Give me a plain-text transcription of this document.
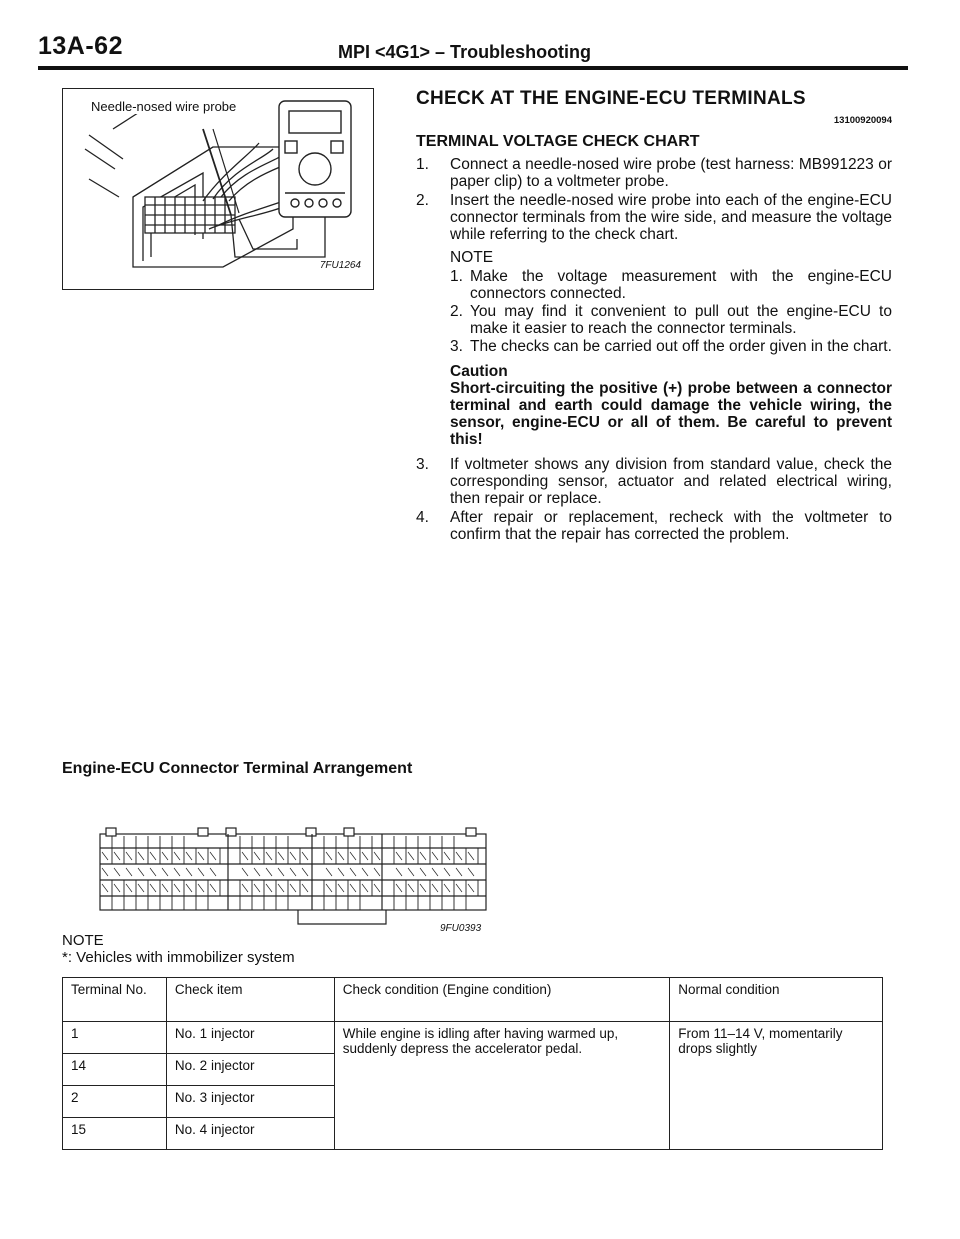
13A-62	MPI <4G1> – Troubleshooting
Needle-nosed wire probe
7FU1264
CHECK AT THE ENGINE-ECU TERMINALS
13100920094
TERMINAL VOLTAGE CHECK CHART
1. Connect a needle-nosed wire probe (test harness: MB991223 or paper clip) to a voltmeter probe.
2. Insert the needle-nosed wire probe into each of the engine-ECU connector terminals from the wire side, and measure the voltage while referring to the check chart.
NOTE
1. Make the voltage measurement with the engine-ECU connectors connected.
2. You may find it convenient to pull out the engine-ECU to make it easier to reach the connector terminals.
3. The checks can be carried out off the order given in the chart.
Caution
Short-circuiting the positive (+) probe between a connector terminal and earth could damage the vehicle wiring, the sensor, engine-ECU or all of them. Be careful to prevent this!
3. If voltmeter shows any division from standard value, check the corresponding sensor, actuator and related electrical wiring, then repair or replace.
4. After repair or replacement, recheck with the voltmeter to confirm that the repair has corrected the problem.
Engine-ECU Connector Terminal Arrangement
9FU0393
NOTE
*: Vehicles with immobilizer system
Terminal No.	Check item	Check condition (Engine condition)	Normal condition
1	No. 1 injector	While engine is idling after having warmed up, suddenly depress the accelerator pedal.	From 11–14 V, momentarily drops slightly
14	No. 2 injector		
2	No. 3 injector		
15	No. 4 injector		
